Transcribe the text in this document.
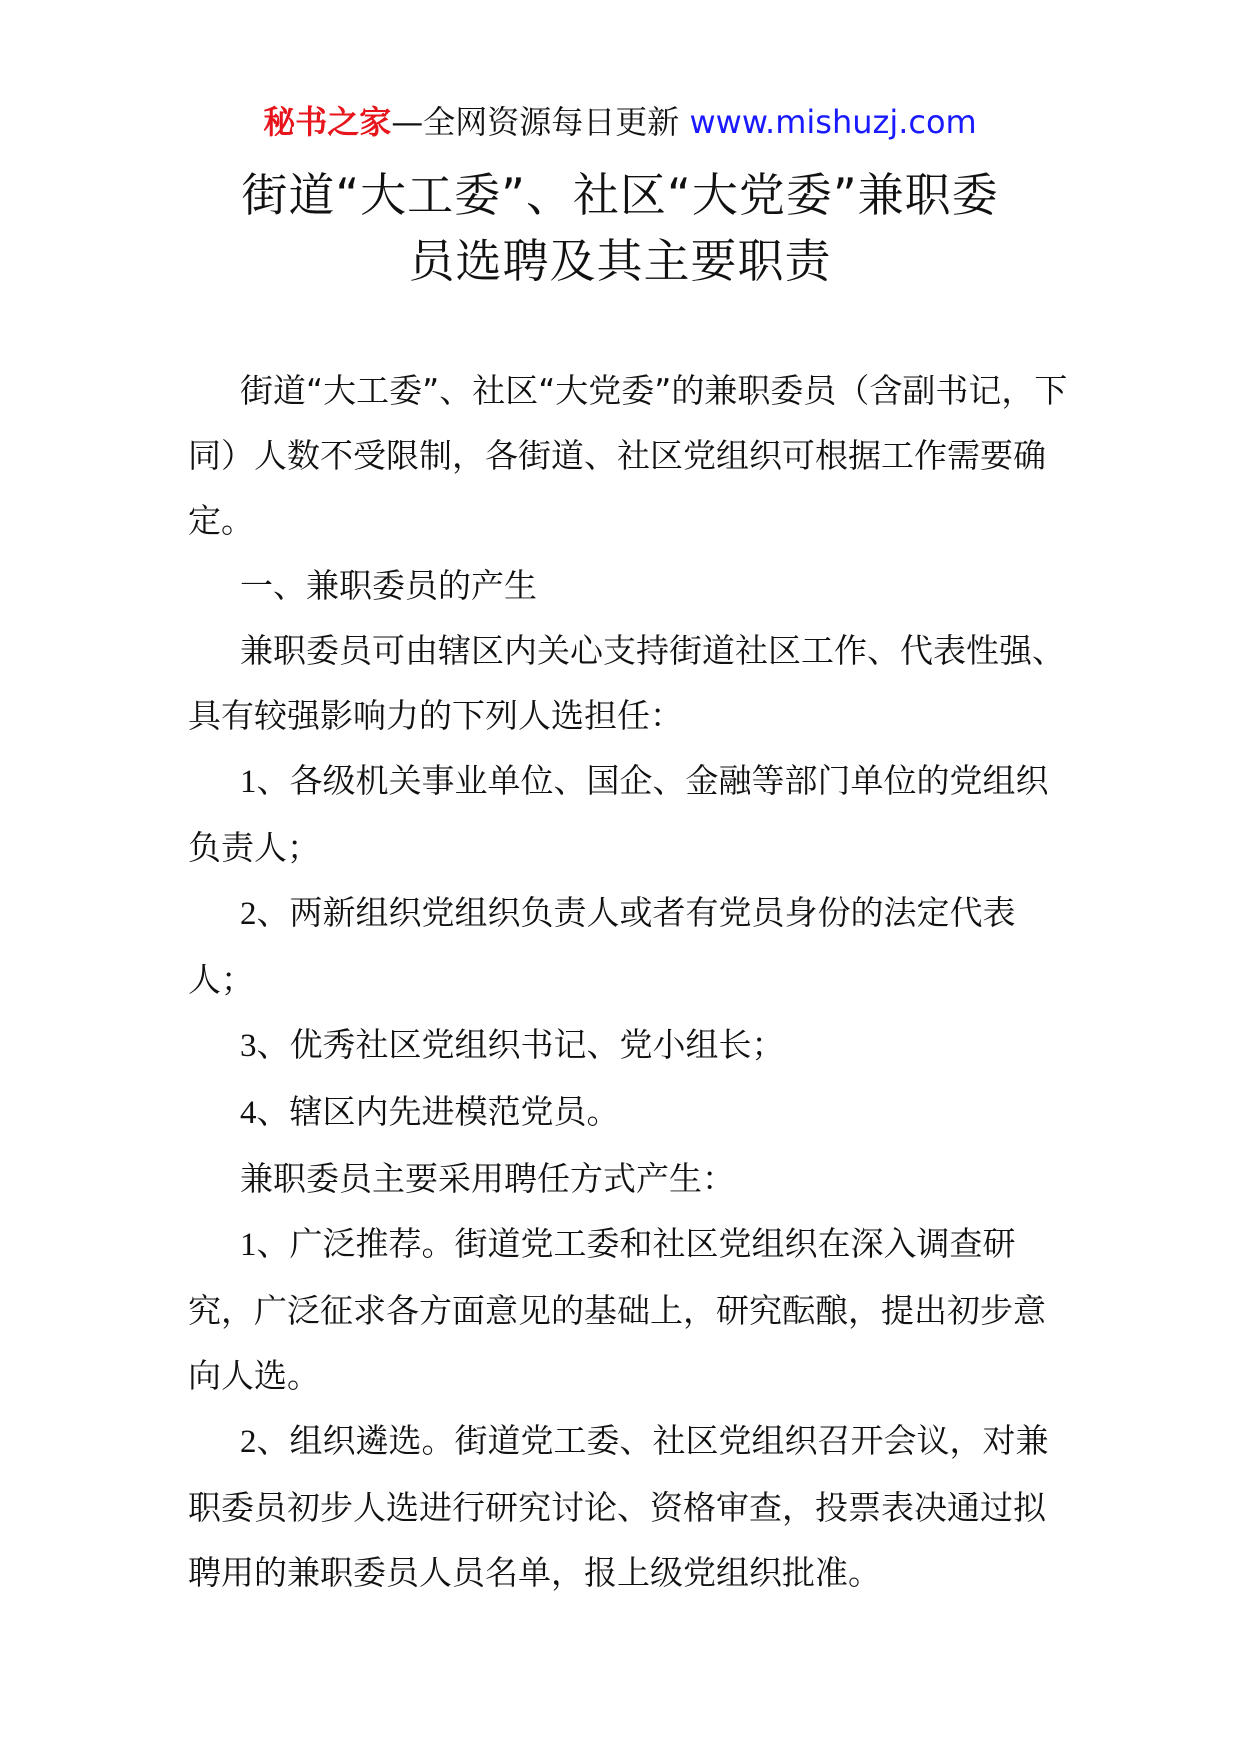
秘书之家—全网资源每日更新 www.mishuzj.com
街道“大工委”、社区“大党委”兼职委
员选聘及其主要职责

街道“大工委”、社区“大党委”的兼职委员（含副书记，下同）人数不受限制，各街道、社区党组织可根据工作需要确定。

一、兼职委员的产生

兼职委员可由辖区内关心支持街道社区工作、代表性强、具有较强影响力的下列人选担任：

1、各级机关事业单位、国企、金融等部门单位的党组织负责人；

2、两新组织党组织负责人或者有党员身份的法定代表人；

3、优秀社区党组织书记、党小组长；

4、辖区内先进模范党员。

兼职委员主要采用聘任方式产生：

1、广泛推荐。街道党工委和社区党组织在深入调查研究，广泛征求各方面意见的基础上，研究酝酿，提出初步意向人选。

2、组织遴选。街道党工委、社区党组织召开会议，对兼职委员初步人选进行研究讨论、资格审查，投票表决通过拟聘用的兼职委员人员名单，报上级党组织批准。
